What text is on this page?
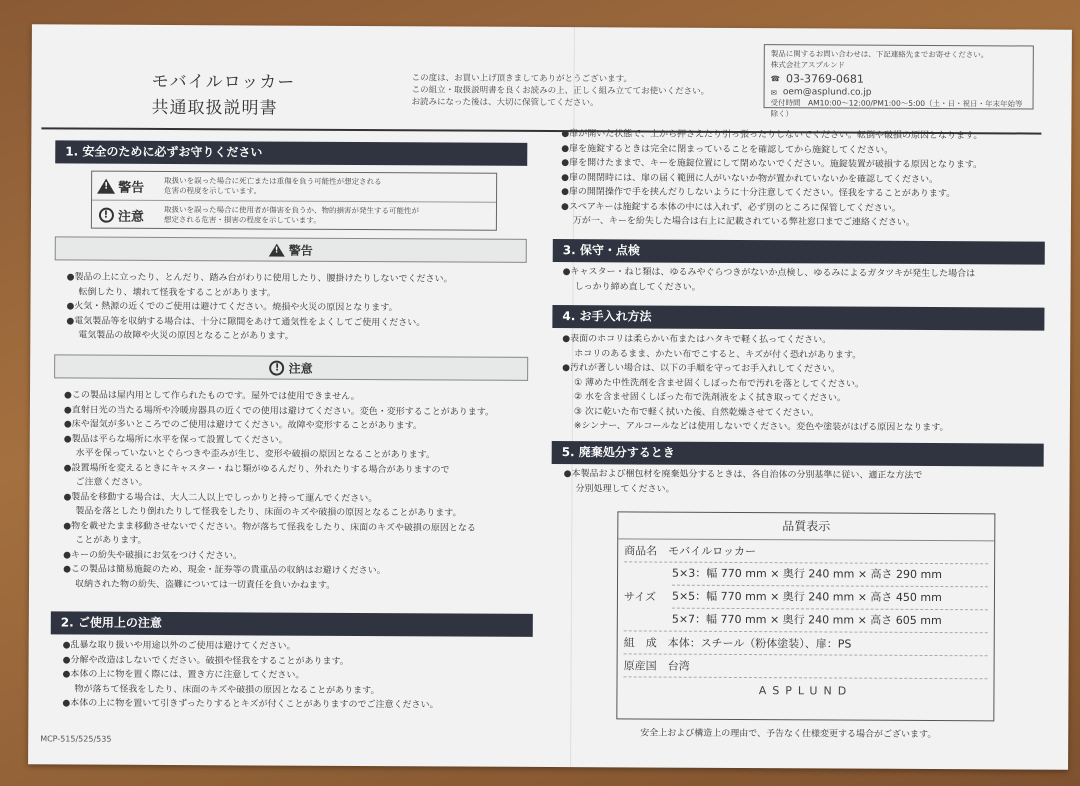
モバイルロッカー
共通取扱説明書
この度は、お買い上げ頂きましてありがとうございます。
この組立・取扱説明書を良くお読みの上、正しく組み立ててお使いください。
お読みになった後は、大切に保管してください。
製品に関するお問い合わせは、下記連絡先までお寄せください。
株式会社アスプルンド
☎ 03-3769-0681
✉ oem@asplund.co.jp
受付時間　AM10:00〜12:00/PM1:00〜5:00（土・日・祝日・年末年始等除く）
1. 安全のために必ずお守りください
! 警告	取扱いを誤った場合に死亡または重傷を負う可能性が想定される
危害の程度を示しています。
! 注意	取扱いを誤った場合に使用者が傷害を負うか、物的損害が発生する可能性が
想定される危害・損害の程度を示しています。
! 警告
●製品の上に立ったり、とんだり、踏み台がわりに使用したり、腰掛けたりしないでください。
転倒したり、壊れて怪我をすることがあります。
●火気・熱源の近くでのご使用は避けてください。焼損や火災の原因となります。
●電気製品等を収納する場合は、十分に隙間をあけて通気性をよくしてご使用ください。
電気製品の故障や火災の原因となることがあります。
! 注意
●この製品は屋内用として作られたものです。屋外では使用できません。
●直射日光の当たる場所や冷暖房器具の近くでの使用は避けてください。変色・変形することがあります。
●床や湿気が多いところでのご使用は避けてください。故障や変形することがあります。
●製品は平らな場所に水平を保って設置してください。
水平を保っていないとぐらつきや歪みが生じ、変形や破損の原因となることがあります。
●設置場所を変えるときにキャスター・ねじ類がゆるんだり、外れたりする場合がありますので
ご注意ください。
●製品を移動する場合は、大人二人以上でしっかりと持って運んでください。
製品を落としたり倒れたりして怪我をしたり、床面のキズや破損の原因となることがあります。
●物を載せたまま移動させないでください。物が落ちて怪我をしたり、床面のキズや破損の原因となる
ことがあります。
●キーの紛失や破損にお気をつけください。
●この製品は簡易施錠のため、現金・証券等の貴重品の収納はお避けください。
収納された物の紛失、盗難については一切責任を負いかねます。
2. ご使用上の注意
●乱暴な取り扱いや用途以外のご使用は避けてください。
●分解や改造はしないでください。破損や怪我をすることがあります。
●本体の上に物を置く際には、置き方に注意してください。
物が落ちて怪我をしたり、床面のキズや破損の原因となることがあります。
●本体の上に物を置いて引きずったりするとキズが付くことがありますのでご注意ください。
MCP-515/525/535
●扉が開いた状態で、上から押さえたり引っ張ったりしないでください。転倒や破損の原因となります。
●扉を施錠するときは完全に閉まっていることを確認してから施錠してください。
●扉を開けたままで、キーを施錠位置にして閉めないでください。施錠装置が破損する原因となります。
●扉の開閉時には、扉の届く範囲に人がいないか物が置かれていないかを確認してください。
●扉の開閉操作で手を挟んだりしないように十分注意してください。怪我をすることがあります。
●スペアキーは施錠する本体の中には入れず、必ず別のところに保管してください。
万が一、キーを紛失した場合は右上に記載されている弊社窓口までご連絡ください。
3. 保守・点検
●キャスター・ねじ類は、ゆるみやぐらつきがないか点検し、ゆるみによるガタツキが発生した場合は
しっかり締め直してください。
4. お手入れ方法
●表面のホコリは柔らかい布またはハタキで軽く払ってください。
ホコリのあるまま、かたい布でこすると、キズが付く恐れがあります。
●汚れが著しい場合は、以下の手順を守ってお手入れしてください。
① 薄めた中性洗剤を含ませ固くしぼった布で汚れを落としてください。
② 水を含ませ固くしぼった布で洗剤液をよく拭き取ってください。
③ 次に乾いた布で軽く拭いた後、自然乾燥させてください。
※シンナー、アルコールなどは使用しないでください。変色や塗装がはげる原因となります。
5. 廃棄処分するとき
●本製品および梱包材を廃棄処分するときは、各自治体の分別基準に従い、適正な方法で
分別処理してください。
品質表示
商品名 モバイルロッカー
サイズ
5×3：幅 770 mm × 奥行 240 mm × 高さ 290 mm
5×5：幅 770 mm × 奥行 240 mm × 高さ 450 mm
5×7：幅 770 mm × 奥行 240 mm × 高さ 605 mm
組　成 本体：スチール（粉体塗装）、扉：PS
原産国 台湾
ASPLUND
安全上および構造上の理由で、予告なく仕様変更する場合がございます。
